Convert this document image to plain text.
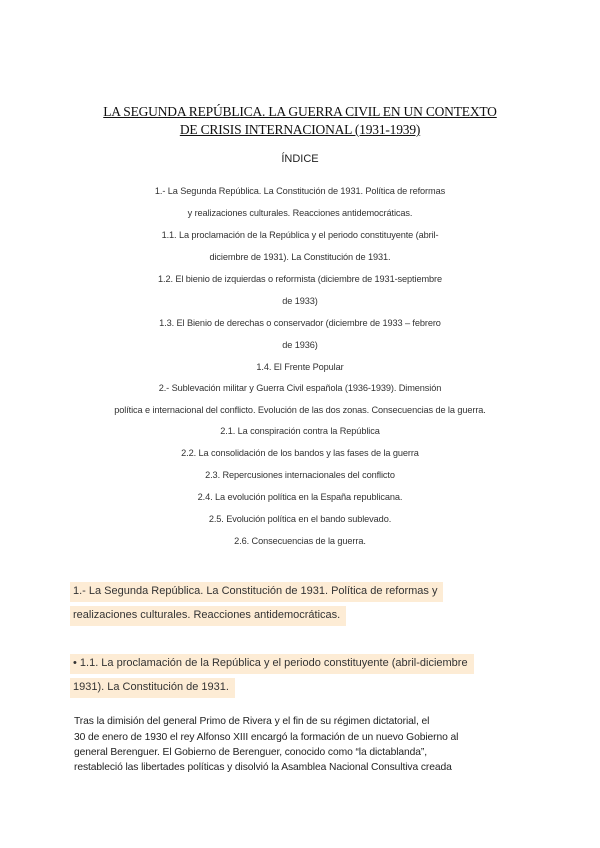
LA SEGUNDA REPÚBLICA. LA GUERRA CIVIL EN UN CONTEXTO
DE CRISIS INTERNACIONAL (1931-1939)
ÍNDICE
1.- La Segunda República. La Constitución de 1931. Política de reformas
y realizaciones culturales. Reacciones antidemocráticas.
1.1. La proclamación de la República y el periodo constituyente (abril-
diciembre de 1931). La Constitución de 1931.
1.2. El bienio de izquierdas o reformista (diciembre de 1931-septiembre
de 1933)
1.3. El Bienio de derechas o conservador (diciembre de 1933 – febrero
de 1936)
1.4. El Frente Popular
2.- Sublevación militar y Guerra Civil española (1936-1939). Dimensión
política e internacional del conflicto. Evolución de las dos zonas. Consecuencias de la guerra.
2.1. La conspiración contra la República
2.2. La consolidación de los bandos y las fases de la guerra
2.3. Repercusiones internacionales del conflicto
2.4. La evolución política en la España republicana.
2.5. Evolución política en el bando sublevado.
2.6. Consecuencias de la guerra.
1.- La Segunda República. La Constitución de 1931. Política de reformas y
realizaciones culturales. Reacciones antidemocráticas.
• 1.1. La proclamación de la República y el periodo constituyente (abril-diciembre
1931). La Constitución de 1931.
Tras la dimisión del general Primo de Rivera y el fin de su régimen dictatorial, el
30 de enero de 1930 el rey Alfonso XIII encargó la formación de un nuevo Gobierno al
general Berenguer. El Gobierno de Berenguer, conocido como “la dictablanda”,
restableció las libertades políticas y disolvió la Asamblea Nacional Consultiva creada
